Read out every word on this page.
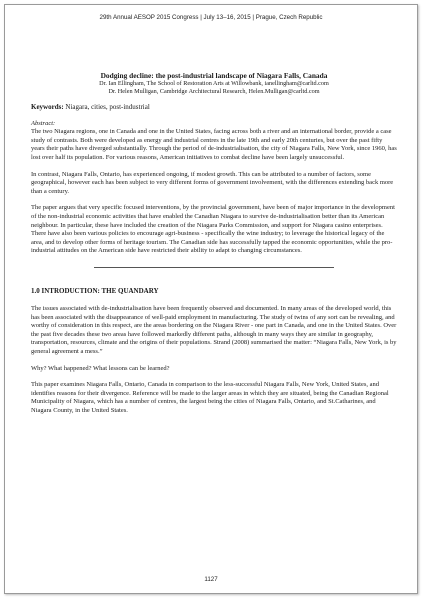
29th Annual AESOP 2015 Congress | July 13–16, 2015 | Prague, Czech Republic

Dodging decline: the post-industrial landscape of Niagara Falls, Canada

Dr. Ian Ellingham, The School of Restoration Arts at Willowbank, ianellingham@carltd.com

Dr. Helen Mulligan, Cambridge Architectural Research, Helen.Mulligan@carltd.com

Keywords: Niagara, cities, post-industrial

Abstract:

The two Niagara regions, one in Canada and one in the United States, facing across both a river and an international border, provide a case study of contrasts. Both were developed as energy and industrial centres in the late 19th and early 20th centuries, but over the past fifty years their paths have diverged substantially. Through the period of de-industrialisation, the city of Niagara Falls, New York, since 1960, has lost over half its population. For various reasons, American initiatives to combat decline have been largely unsuccessful.

In contrast, Niagara Falls, Ontario, has experienced ongoing, if modest growth. This can be attributed to a number of factors, some geographical, however each has been subject to very different forms of government involvement, with the differences extending back more than a century.

The paper argues that very specific focused interventions, by the provincial government, have been of major importance in the development of the non-industrial economic activities that have enabled the Canadian Niagara to survive de-industrialisation better than its American neighbour. In particular, these have included the creation of the Niagara Parks Commission, and support for Niagara casino enterprises. There have also been various policies to encourage agri-business - specifically the wine industry; to leverage the historical legacy of the area, and to develop other forms of heritage tourism. The Canadian side has successfully tapped the economic opportunities, while the pro-industrial attitudes on the American side have restricted their ability to adapt to changing circumstances.

1.0 INTRODUCTION: THE QUANDARY

The issues associated with de-industrialisation have been frequently observed and documented. In many areas of the developed world, this has been associated with the disappearance of well-paid employment in manufacturing. The study of twins of any sort can be revealing, and worthy of consideration in this respect, are the areas bordering on the Niagara River - one part in Canada, and one in the United States. Over the past five decades these two areas have followed markedly different paths, although in many ways they are similar in geography, transportation, resources, climate and the origins of their populations. Strand (2008) summarised the matter: “Niagara Falls, New York, is by general agreement a mess.”

Why? What happened? What lessons can be learned?

This paper examines Niagara Falls, Ontario, Canada in comparison to the less-successful Niagara Falls, New York, United States, and identifies reasons for their divergence. Reference will be made to the larger areas in which they are situated, being the Canadian Regional Municipality of Niagara, which has a number of centres, the largest being the cities of Niagara Falls, Ontario, and St.Catharines, and Niagara County, in the United States.

1127
